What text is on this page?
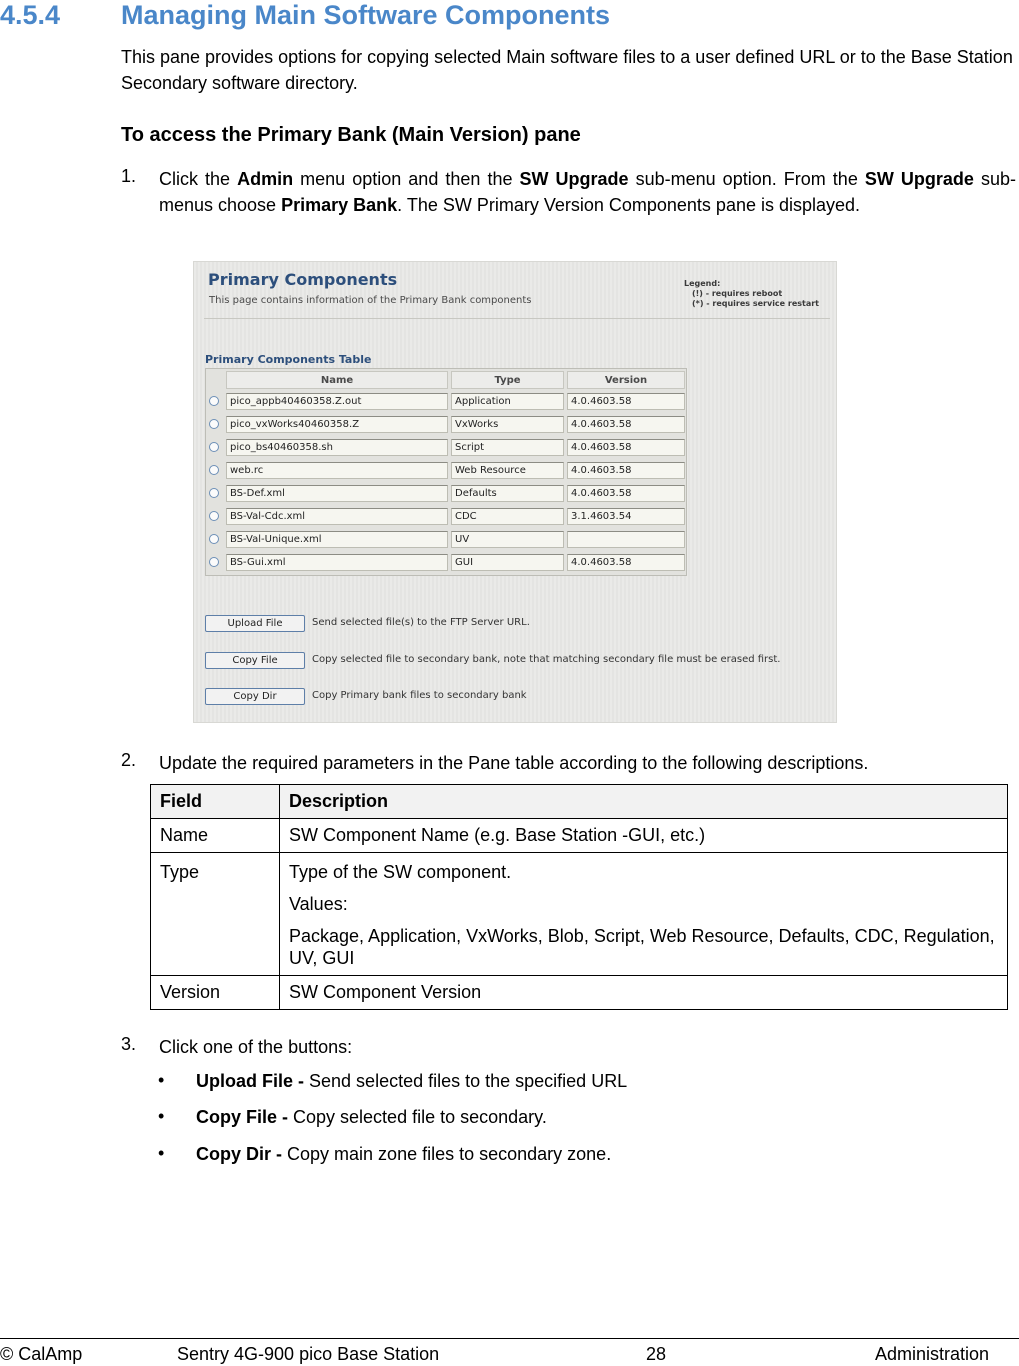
4.5.4 Managing Main Software Components
This pane provides options for copying selected Main software files to a user defined URL or to the Base Station Secondary software directory.
To access the Primary Bank (Main Version) pane
1. Click the Admin menu option and then the SW Upgrade sub-menu option. From the SW Upgrade sub-menus choose Primary Bank. The SW Primary Version Components pane is displayed.
Primary Components
This page contains information of the Primary Bank components
Legend:
(!) - requires reboot
(*) - requires service restart
Primary Components Table
Name	Type	Version
pico_appb40460358.Z.out	Application	4.0.4603.58
pico_vxWorks40460358.Z	VxWorks	4.0.4603.58
pico_bs40460358.sh	Script	4.0.4603.58
web.rc	Web Resource	4.0.4603.58
BS-Def.xml	Defaults	4.0.4603.58
BS-Val-Cdc.xml	CDC	3.1.4603.54
BS-Val-Unique.xml	UV
BS-Gui.xml	GUI	4.0.4603.58
Upload File	Send selected file(s) to the FTP Server URL.
Copy File	Copy selected file to secondary bank, note that matching secondary file must be erased first.
Copy Dir	Copy Primary bank files to secondary bank
2. Update the required parameters in the Pane table according to the following descriptions.
Field	Description
Name	SW Component Name (e.g. Base Station -GUI, etc.)
Type	Type of the SW component.

Values:

Package, Application, VxWorks, Blob, Script, Web Resource, Defaults, CDC, Regulation, UV, GUI

Version	SW Component Version
3. Click one of the buttons:
• Upload File - Send selected files to the specified URL
• Copy File - Copy selected file to secondary.
• Copy Dir - Copy main zone files to secondary zone.
© CalAmp	Sentry 4G-900 pico Base Station	28	Administration
